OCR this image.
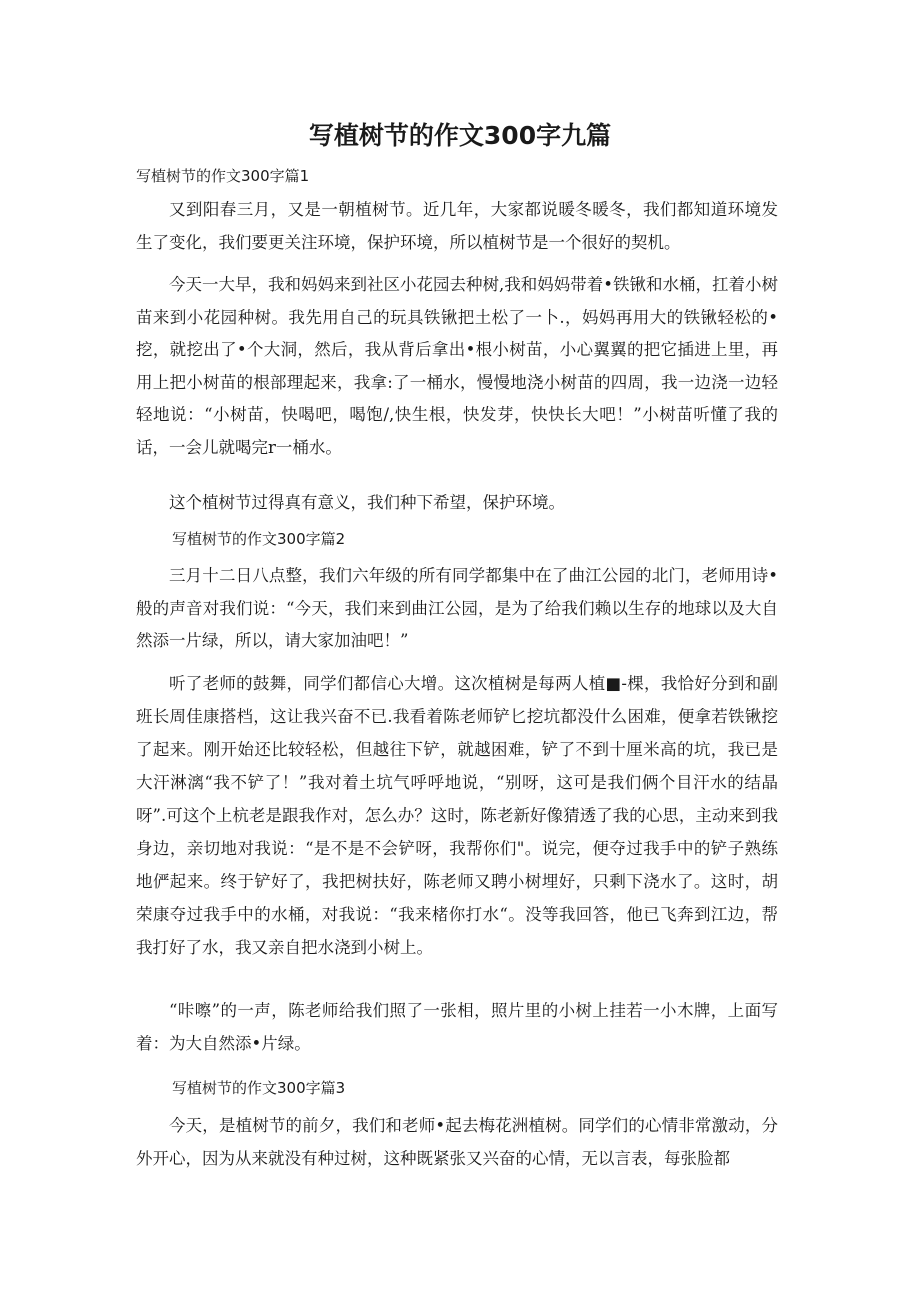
写植树节的作文300字九篇

写植树节的作文300字篇1

又到阳春三月，又是一朝植树节。近几年，大家都说暖冬暖冬，我们都知道环境发生了变化，我们要更关注环境，保护环境，所以植树节是一个很好的契机。

今天一大早，我和妈妈来到社区小花园去种树,我和妈妈带着•铁锹和水桶，扛着小树苗来到小花园种树。我先用自己的玩具铁锹把土松了一卜.，妈妈再用大的铁锹轻松的•挖，就挖出了•个大洞，然后，我从背后拿出•根小树苗，小心翼翼的把它插进上里，再用上把小树苗的根部理起来，我拿:了一桶水，慢慢地浇小树苗的四周，我一边浇一边轻轻地说：“小树苗，快喝吧，喝饱/,快生根，快发芽，快快长大吧！”小树苗听懂了我的话，一会儿就喝完r一桶水。

这个植树节过得真有意义，我们种下希望，保护环境。

写植树节的作文300字篇2

三月十二日八点整，我们六年级的所有同学都集中在了曲江公园的北门，老师用诗•般的声音对我们说：“今天，我们来到曲江公园，是为了给我们赖以生存的地球以及大自然添一片绿，所以，请大家加油吧！”

听了老师的鼓舞，同学们都信心大增。这次植树是每两人植■-棵，我恰好分到和副班长周佳康搭档，这让我兴奋不已.我看着陈老师铲匕挖坑都没什么困难，便拿若铁锹挖了起来。刚开始还比较轻松，但越往下铲，就越困难，铲了不到十厘米高的坑，我已是大汗淋漓“我不铲了！”我对着土坑气呼呼地说，“别呀，这可是我们俩个目汗水的结晶呀”.可这个上杭老是跟我作对，怎么办？这时，陈老新好像猜透了我的心思，主动来到我身边，亲切地对我说：“是不是不会铲呀，我帮你们"。说完，便夺过我手中的铲子熟练地俨起来。终于铲好了，我把树扶好，陈老师又聘小树埋好，只剩下浇水了。这时，胡荣康夺过我手中的水桶，对我说：“我来楮你打水“。没等我回答，他已飞奔到江边，帮我打好了水，我又亲自把水浇到小树上。

“咔嚓”的一声，陈老师给我们照了一张相，照片里的小树上挂若一小木牌，上面写着：为大自然添•片绿。

写植树节的作文300字篇3

今天，是植树节的前夕，我们和老师•起去梅花洲植树。同学们的心情非常激动，分外开心，因为从来就没有种过树，这种既紧张又兴奋的心情，无以言表，每张脸都
